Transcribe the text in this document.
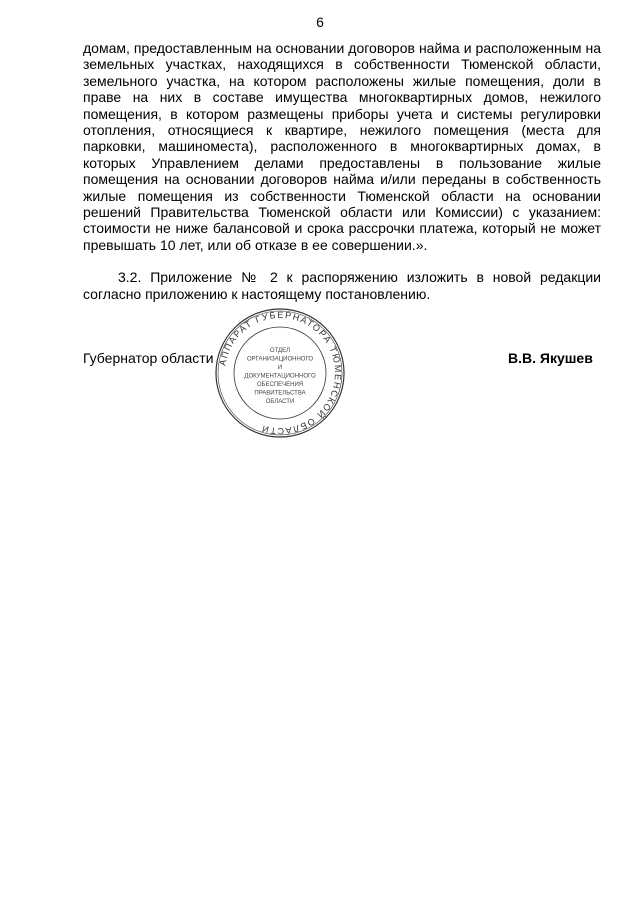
6

домам, предоставленным на основании договоров найма и расположенным на земельных участках, находящихся в собственности Тюменской области, земельного участка, на котором расположены жилые помещения, доли в праве на них в составе имущества многоквартирных домов, нежилого помещения, в котором размещены приборы учета и системы регулировки отопления, относящиеся к квартире, нежилого помещения (места для парковки, машиноместа), расположенного в многоквартирных домах, в которых Управлением делами предоставлены в пользование жилые помещения на основании договоров найма и/или переданы в собственность жилые помещения из собственности Тюменской области на основании решений Правительства Тюменской области или Комиссии) с указанием: стоимости не ниже балансовой и срока рассрочки платежа, который не может превышать 10 лет, или об отказе в ее совершении.».

3.2. Приложение № 2 к распоряжению изложить в новой редакции согласно приложению к настоящему постановлению.

Губернатор области	В.В. Якушев
АППАРАТ ГУБЕРНАТОРА ТЮМЕНСКОЙ ОБЛАСТИ
ОТДЕЛ
ОРГАНИЗАЦИОННОГО
И
ДОКУМЕНТАЦИОННОГО
ОБЕСПЕЧЕНИЯ
ПРАВИТЕЛЬСТВА
ОБЛАСТИ
